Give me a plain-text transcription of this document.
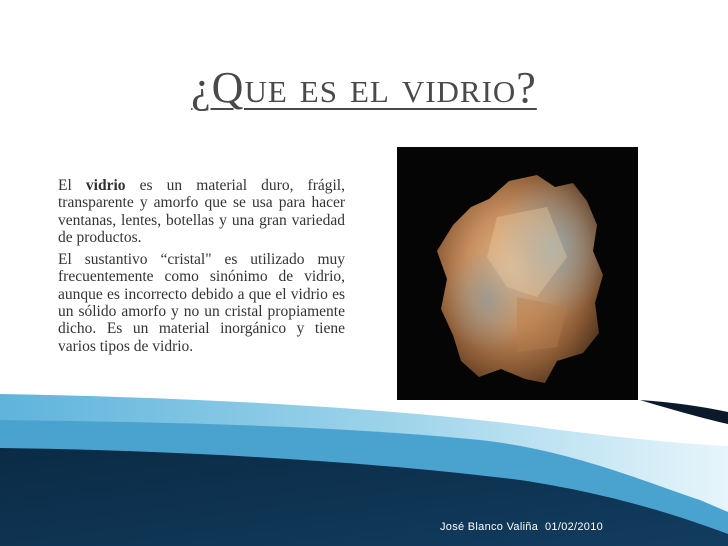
¿Que es el vidrio?

El vidrio es un material duro, frágil, transparente y amorfo que se usa para hacer ventanas, lentes, botellas y una gran variedad de productos.

El sustantivo “cristal" es utilizado muy frecuentemente como sinónimo de vidrio, aunque es incorrecto debido a que el vidrio es un sólido amorfo y no un cristal propiamente dicho. Es un material inorgánico y tiene varios tipos de vidrio.

José Blanco Valiña 01/02/2010
